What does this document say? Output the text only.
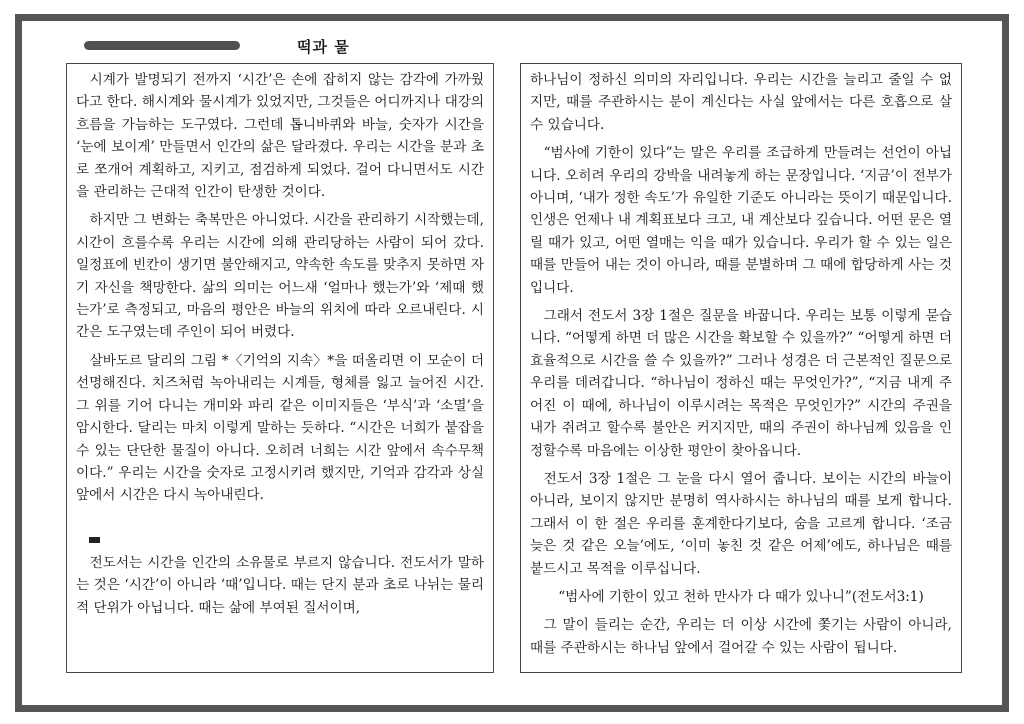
떡과 물

시계가 발명되기 전까지 ‘시간’은 손에 잡히지 않는 감각에 가까웠다고 한다. 해시계와 물시계가 있었지만, 그것들은 어디까지나 대강의 흐름을 가늠하는 도구였다. 그런데 톱니바퀴와 바늘, 숫자가 시간을 ‘눈에 보이게’ 만들면서 인간의 삶은 달라졌다. 우리는 시간을 분과 초로 쪼개어 계획하고, 지키고, 점검하게 되었다. 걸어 다니면서도 시간을 관리하는 근대적 인간이 탄생한 것이다.

하지만 그 변화는 축복만은 아니었다. 시간을 관리하기 시작했는데, 시간이 흐를수록 우리는 시간에 의해 관리당하는 사람이 되어 갔다. 일정표에 빈칸이 생기면 불안해지고, 약속한 속도를 맞추지 못하면 자기 자신을 책망한다. 삶의 의미는 어느새 ‘얼마나 했는가’와 ‘제때 했는가’로 측정되고, 마음의 평안은 바늘의 위치에 따라 오르내린다. 시간은 도구였는데 주인이 되어 버렸다.

살바도르 달리의 그림 *〈기억의 지속〉*을 떠올리면 이 모순이 더 선명해진다. 치즈처럼 녹아내리는 시계들, 형체를 잃고 늘어진 시간. 그 위를 기어 다니는 개미와 파리 같은 이미지들은 ‘부식’과 ‘소멸’을 암시한다. 달리는 마치 이렇게 말하는 듯하다. “시간은 너희가 붙잡을 수 있는 단단한 물질이 아니다. 오히려 너희는 시간 앞에서 속수무책이다.” 우리는 시간을 숫자로 고정시키려 했지만, 기억과 감각과 상실 앞에서 시간은 다시 녹아내린다.

전도서는 시간을 인간의 소유물로 부르지 않습니다. 전도서가 말하는 것은 ‘시간’이 아니라 ‘때’입니다. 때는 단지 분과 초로 나뉘는 물리적 단위가 아닙니다. 때는 삶에 부여된 질서이며,

하나님이 정하신 의미의 자리입니다. 우리는 시간을 늘리고 줄일 수 없지만, 때를 주관하시는 분이 계신다는 사실 앞에서는 다른 호흡으로 살 수 있습니다.

“범사에 기한이 있다”는 말은 우리를 조급하게 만들려는 선언이 아닙니다. 오히려 우리의 강박을 내려놓게 하는 문장입니다. ‘지금’이 전부가 아니며, ‘내가 정한 속도’가 유일한 기준도 아니라는 뜻이기 때문입니다. 인생은 언제나 내 계획표보다 크고, 내 계산보다 깊습니다. 어떤 문은 열릴 때가 있고, 어떤 열매는 익을 때가 있습니다. 우리가 할 수 있는 일은 때를 만들어 내는 것이 아니라, 때를 분별하며 그 때에 합당하게 사는 것입니다.

그래서 전도서 3장 1절은 질문을 바꿉니다. 우리는 보통 이렇게 묻습니다. “어떻게 하면 더 많은 시간을 확보할 수 있을까?” “어떻게 하면 더 효율적으로 시간을 쓸 수 있을까?” 그러나 성경은 더 근본적인 질문으로 우리를 데려갑니다. “하나님이 정하신 때는 무엇인가?”, “지금 내게 주어진 이 때에, 하나님이 이루시려는 목적은 무엇인가?” 시간의 주권을 내가 쥐려고 할수록 불안은 커지지만, 때의 주권이 하나님께 있음을 인정할수록 마음에는 이상한 평안이 찾아옵니다.

전도서 3장 1절은 그 눈을 다시 열어 줍니다. 보이는 시간의 바늘이 아니라, 보이지 않지만 분명히 역사하시는 하나님의 때를 보게 합니다. 그래서 이 한 절은 우리를 훈계한다기보다, 숨을 고르게 합니다. ‘조금 늦은 것 같은 오늘’에도, ‘이미 놓친 것 같은 어제’에도, 하나님은 때를 붙드시고 목적을 이루십니다.

“범사에 기한이 있고 천하 만사가 다 때가 있나니”(전도서3:1)

그 말이 들리는 순간, 우리는 더 이상 시간에 쫓기는 사람이 아니라, 때를 주관하시는 하나님 앞에서 걸어갈 수 있는 사람이 됩니다.
